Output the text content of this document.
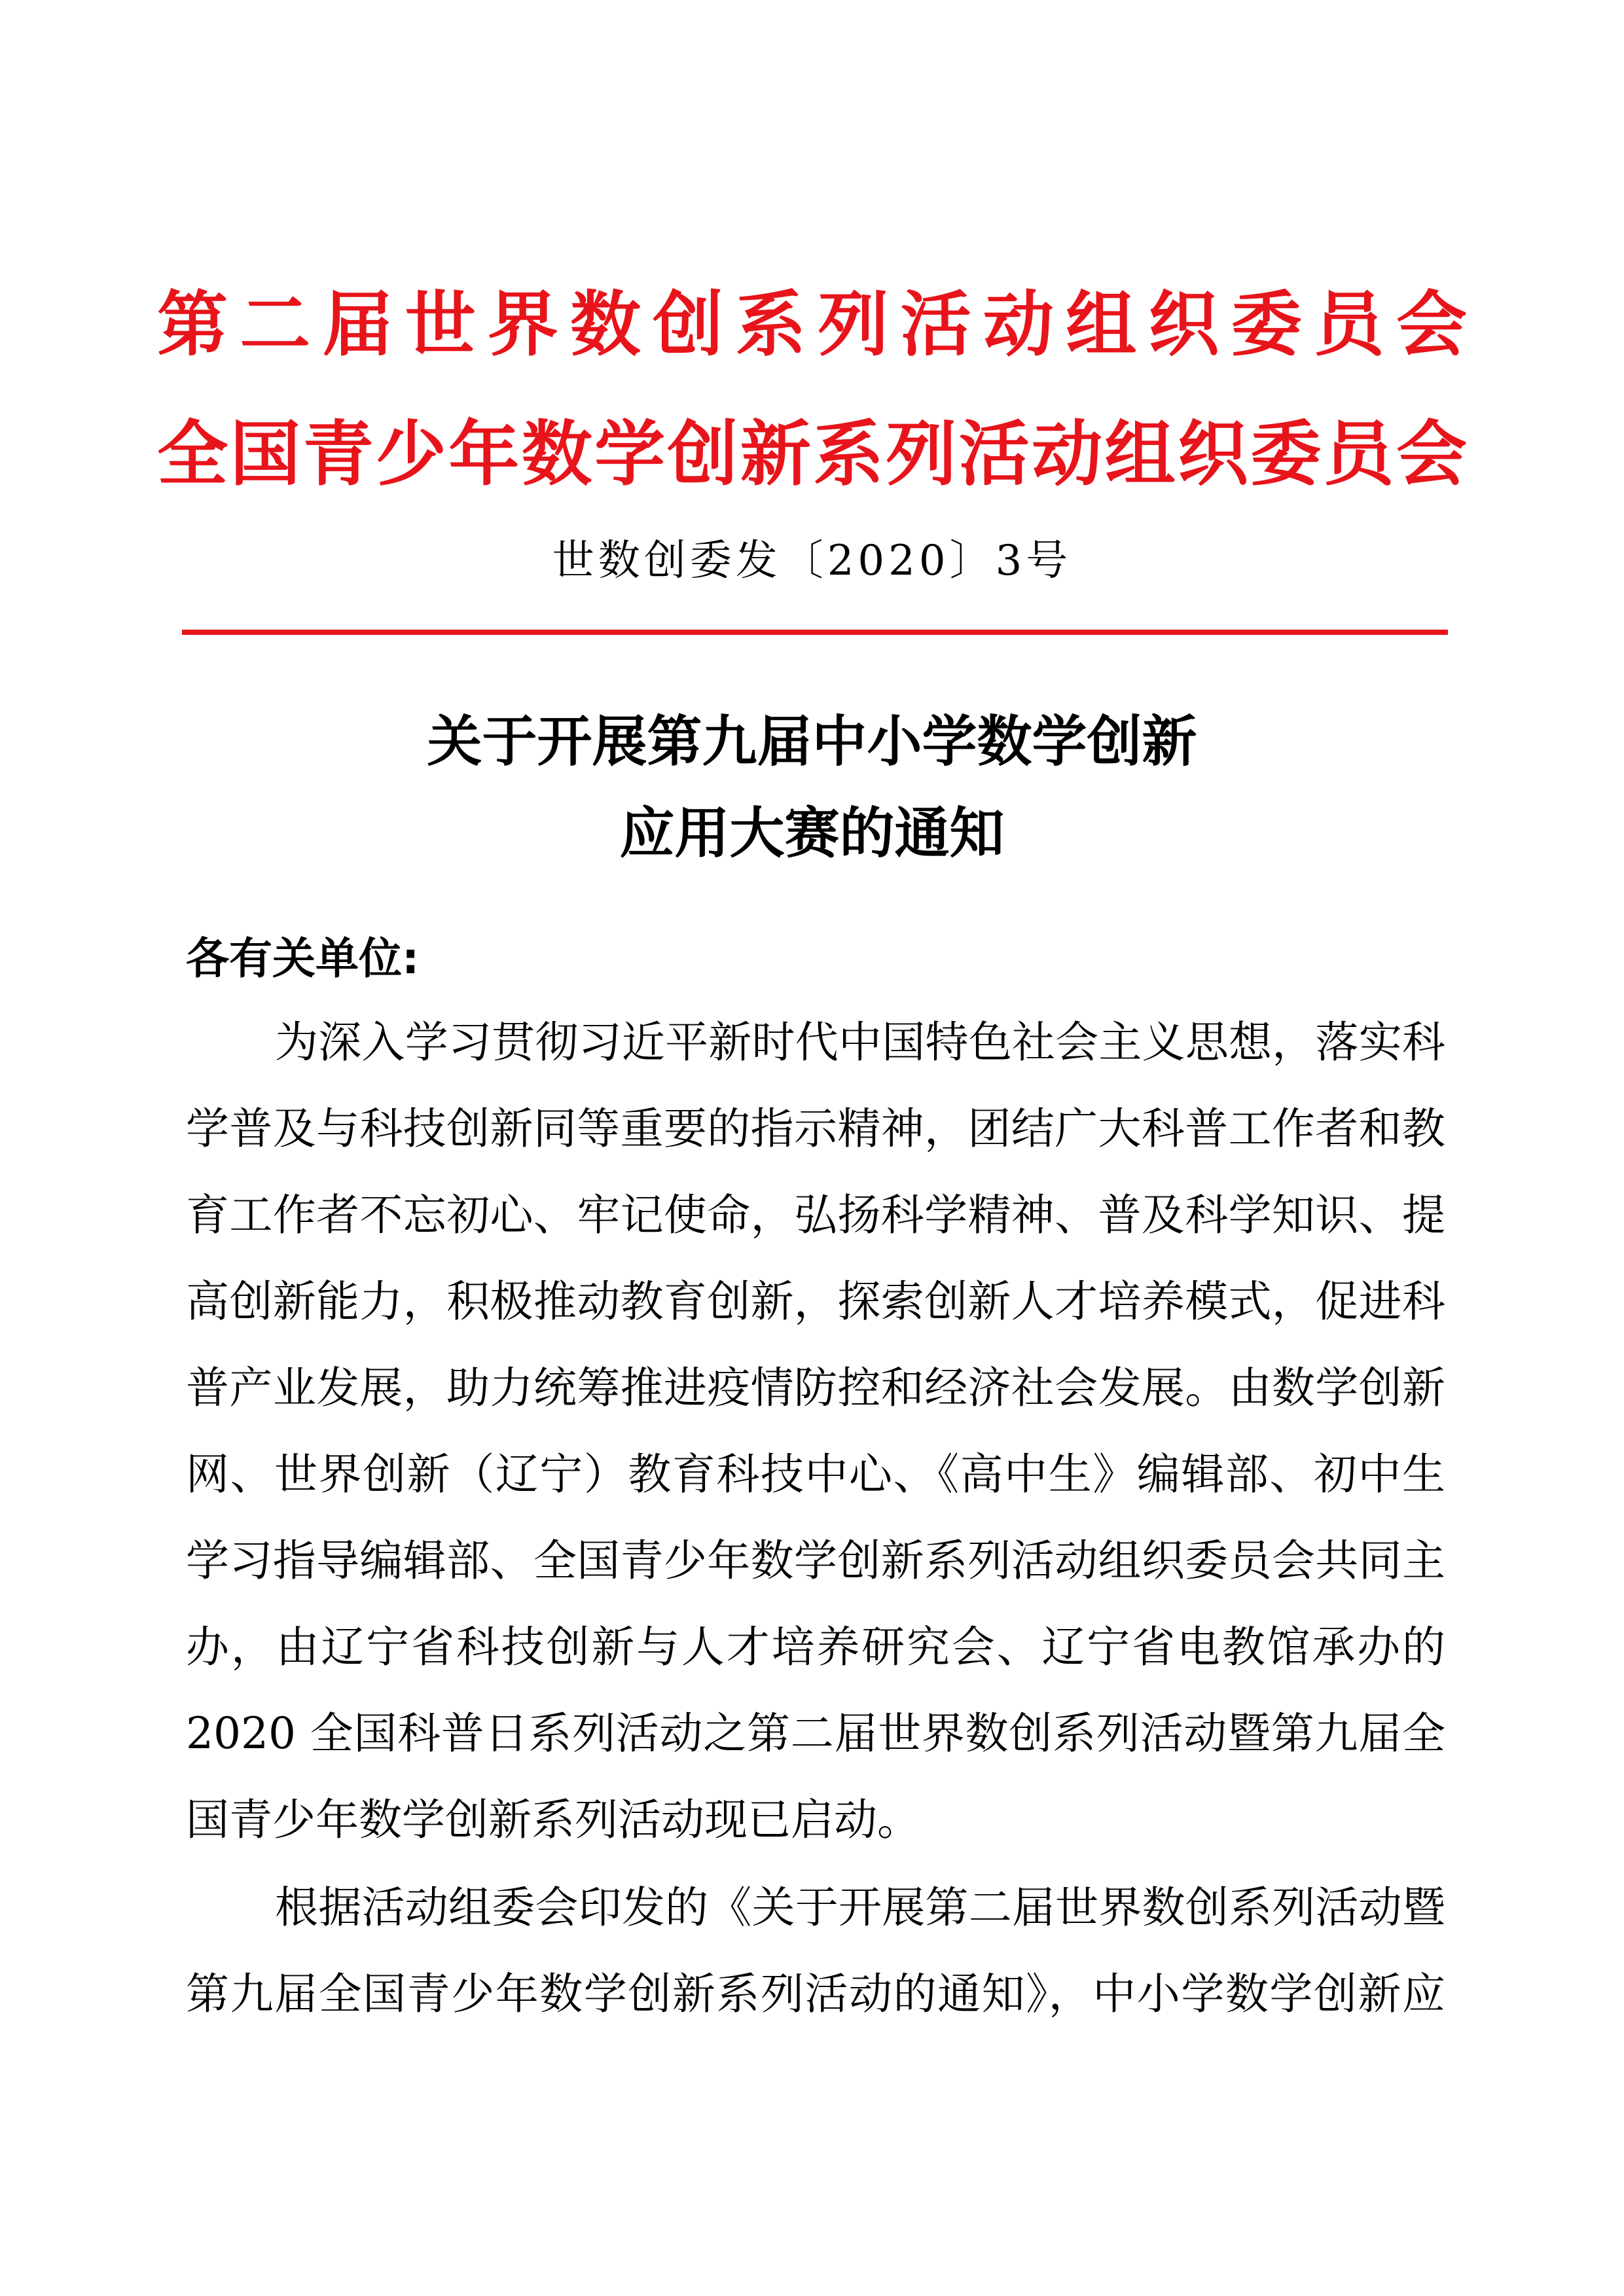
第二届世界数创系列活动组织委员会
全国青少年数学创新系列活动组织委员会
世数创委发〔2020〕3号
关于开展第九届中小学数学创新
应用大赛的通知
各有关单位:
为深入学习贯彻习近平新时代中国特色社会主义思想，落实科
学普及与科技创新同等重要的指示精神，团结广大科普工作者和教
育工作者不忘初心、牢记使命，弘扬科学精神、普及科学知识、提
高创新能力，积极推动教育创新，探索创新人才培养模式，促进科
普产业发展，助力统筹推进疫情防控和经济社会发展。由数学创新
网、世界创新（辽宁）教育科技中心、《高中生》编辑部、初中生
学习指导编辑部、全国青少年数学创新系列活动组织委员会共同主
办，由辽宁省科技创新与人才培养研究会、辽宁省电教馆承办的
2020 全国科普日系列活动之第二届世界数创系列活动暨第九届全
国青少年数学创新系列活动现已启动。
根据活动组委会印发的《关于开展第二届世界数创系列活动暨
第九届全国青少年数学创新系列活动的通知》，中小学数学创新应
